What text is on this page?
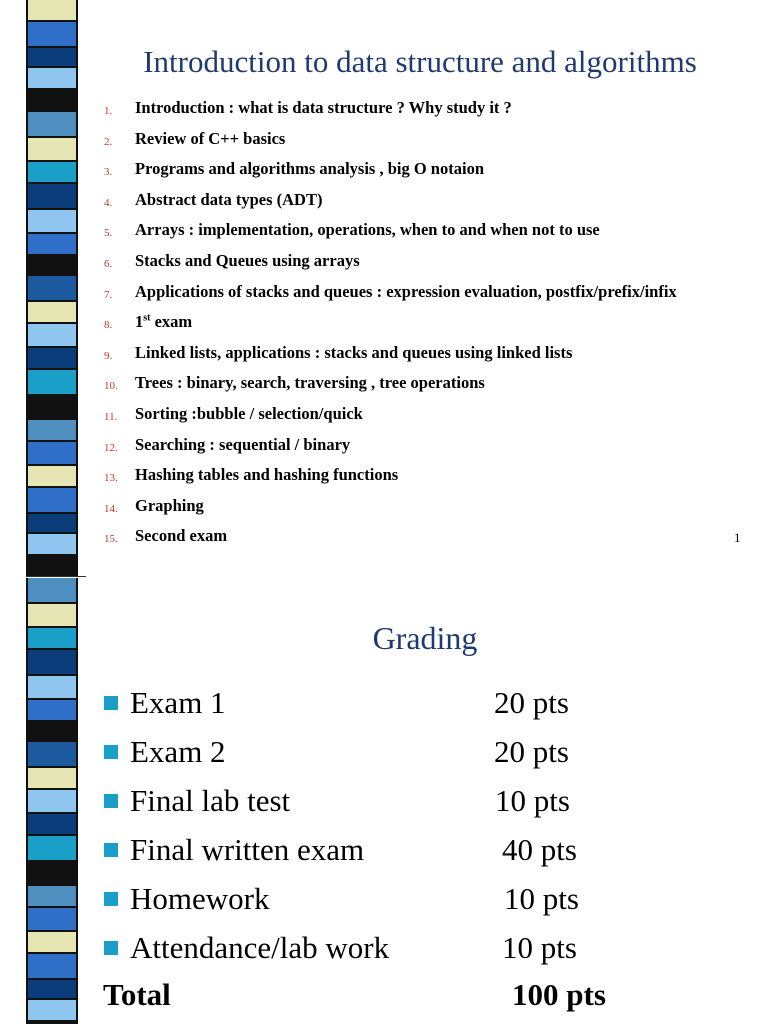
Introduction to data structure and algorithms
1.	Introduction : what is data structure ? Why study it ?
2.	Review of C++ basics
3.	Programs and algorithms analysis , big O notaion
4.	Abstract data types (ADT)
5.	Arrays : implementation, operations, when to and when not to use
6.	Stacks and Queues using arrays
7.	Applications of stacks and queues : expression evaluation, postfix/prefix/infix
8.	1st exam
9.	Linked lists, applications : stacks and queues using linked lists
10.	Trees : binary, search, traversing , tree operations
11.	Sorting :bubble / selection/quick
12.	Searching : sequential / binary
13.	Hashing tables and hashing functions
14.	Graphing
15.	Second exam	1
Grading
Exam 1	20 pts
Exam 2	20 pts
Final lab test	10 pts
Final written exam	40 pts
Homework	10 pts
Attendance/lab work	10 pts
Total	100 pts
